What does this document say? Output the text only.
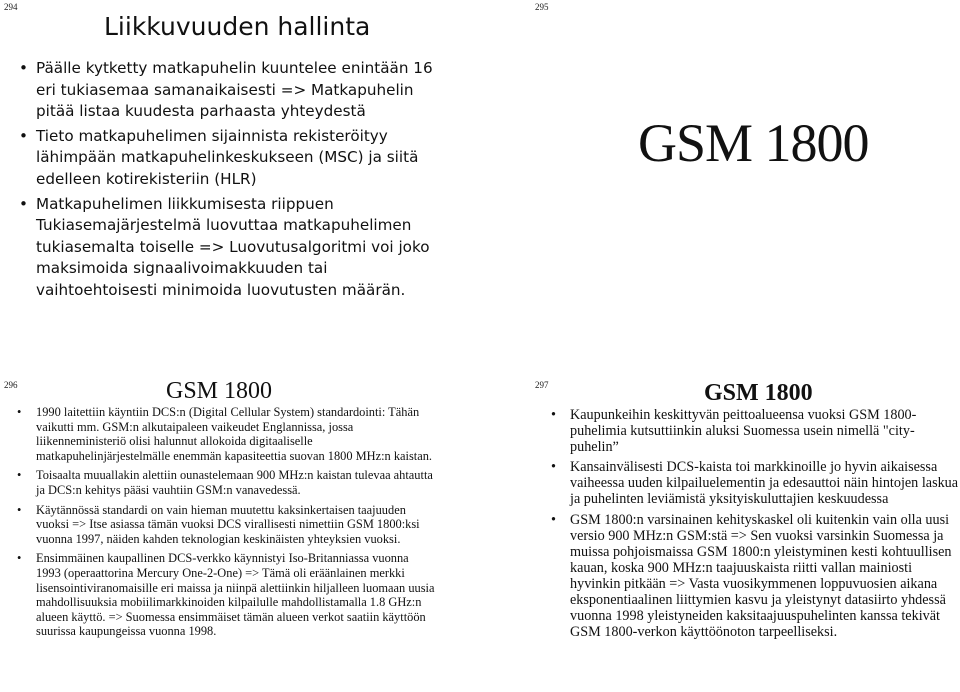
294
Liikkuvuuden hallinta
• Päälle kytketty matkapuhelin kuuntelee enintään 16 eri tukiasemaa samanaikaisesti => Matkapuhelin pitää listaa kuudesta parhaasta yhteydestä
• Tieto matkapuhelimen sijainnista rekisteröityy lähimpään matkapuhelinkeskukseen (MSC) ja siitä edelleen kotirekisteriin (HLR)
• Matkapuhelimen liikkumisesta riippuen Tukiasemajärjestelmä luovuttaa matkapuhelimen tukiasemalta toiselle => Luovutusalgoritmi voi joko maksimoida signaalivoimakkuuden tai vaihtoehtoisesti minimoida luovutusten määrän.
295
GSM 1800
296	GSM 1800
• 1990 laitettiin käyntiin DCS:n (Digital Cellular System) standardointi: Tähän vaikutti mm. GSM:n alkutaipaleen vaikeudet Englannissa, jossa liikenneministeriö olisi halunnut allokoida digitaaliselle matkapuhelinjärjestelmälle enemmän kapasiteettia suovan 1800 MHz:n kaistan.
• Toisaalta muuallakin alettiin ounastelemaan 900 MHz:n kaistan tulevaa ahtautta ja DCS:n kehitys pääsi vauhtiin GSM:n vanavedessä.
• Käytännössä standardi on vain hieman muutettu kaksinkertaisen taajuuden vuoksi => Itse asiassa tämän vuoksi DCS virallisesti nimettiin GSM 1800:ksi vuonna 1997, näiden kahden teknologian keskinäisten yhteyksien vuoksi.
• Ensimmäinen kaupallinen DCS-verkko käynnistyi Iso-Britanniassa vuonna 1993 (operaattorina Mercury One-2-One) => Tämä oli eräänlainen merkki lisensointiviranomaisille eri maissa ja niinpä alettiinkin hiljalleen luomaan uusia mahdollisuuksia mobiilimarkkinoiden kilpailulle mahdollistamalla 1.8 GHz:n alueen käyttö. => Suomessa ensimmäiset tämän alueen verkot saatiin käyttöön suurissa kaupungeissa vuonna 1998.
297	GSM 1800
• Kaupunkeihin keskittyvän peittoalueensa vuoksi GSM 1800-puhelimia kutsuttiinkin aluksi Suomessa usein nimellä "city-puhelin”
• Kansainvälisesti DCS-kaista toi markkinoille jo hyvin aikaisessa vaiheessa uuden kilpailuelementin ja edesauttoi näin hintojen laskua ja puhelinten leviämistä yksityiskuluttajien keskuudessa
• GSM 1800:n varsinainen kehityskaskel oli kuitenkin vain olla uusi versio 900 MHz:n GSM:stä => Sen vuoksi varsinkin Suomessa ja muissa pohjoismaissa GSM 1800:n yleistyminen kesti kohtuullisen kauan, koska 900 MHz:n taajuuskaista riitti vallan mainiosti hyvinkin pitkään => Vasta vuosikymmenen loppuvuosien aikana eksponentiaalinen liittymien kasvu ja yleistynyt datasiirto yhdessä vuonna 1998 yleistyneiden kaksitaajuuspuhelinten kanssa tekivät GSM 1800-verkon käyttöönoton tarpeelliseksi.
